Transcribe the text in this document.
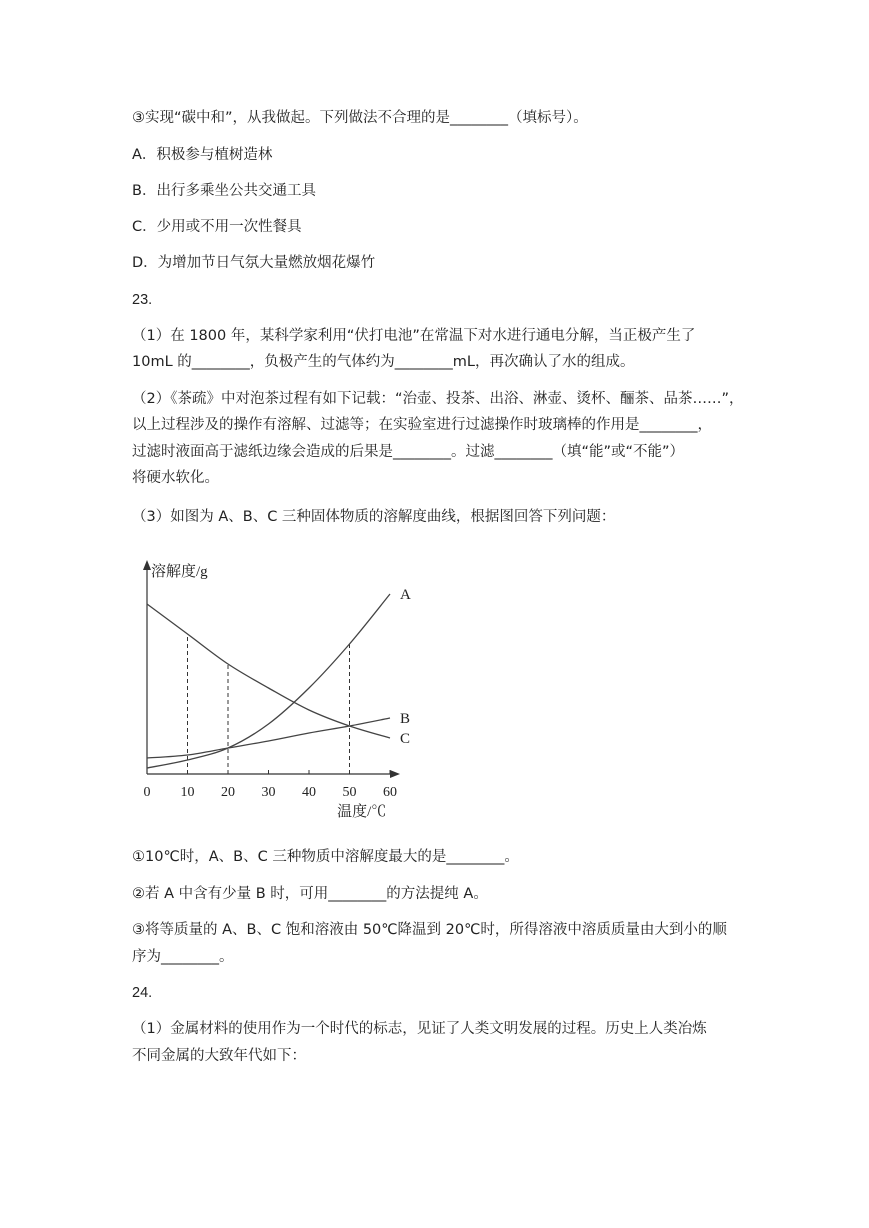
③实现“碳中和”，从我做起。下列做法不合理的是________（填标号）。
A．积极参与植树造林
B．出行多乘坐公共交通工具
C．少用或不用一次性餐具
D．为增加节日气氛大量燃放烟花爆竹
23.
（1）在 1800 年，某科学家利用“伏打电池”在常温下对水进行通电分解，当正极产生了
10mL 的________，负极产生的气体约为________mL，再次确认了水的组成。
（2）《茶疏》中对泡茶过程有如下记载：“治壶、投茶、出浴、淋壶、烫杯、酾茶、品茶……”，
以上过程涉及的操作有溶解、过滤等；在实验室进行过滤操作时玻璃棒的作用是________，
过滤时液面高于滤纸边缘会造成的后果是________。过滤________（填“能”或“不能”）
将硬水软化。
（3）如图为 A、B、C 三种固体物质的溶解度曲线，根据图回答下列问题：
0 10 20 30 40 50 60
溶解度/g
温度/℃
A
B
C
①10℃时，A、B、C 三种物质中溶解度最大的是________。
②若 A 中含有少量 B 时，可用________的方法提纯 A。
③将等质量的 A、B、C 饱和溶液由 50℃降温到 20℃时，所得溶液中溶质质量由大到小的顺
序为________。
24.
（1）金属材料的使用作为一个时代的标志，见证了人类文明发展的过程。历史上人类冶炼
不同金属的大致年代如下：
